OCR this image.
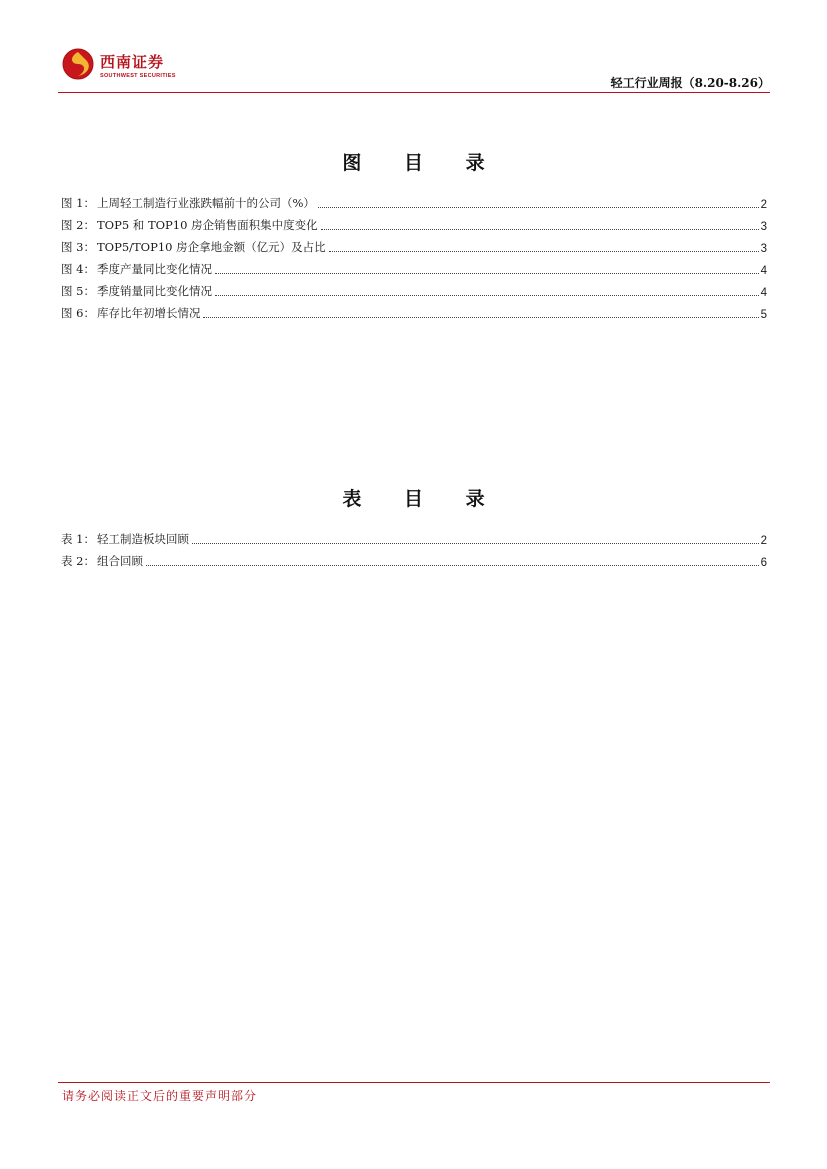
西南证券
SOUTHWEST SECURITIES	轻工行业周报（8.20-8.26）
图 目 录
图 1： 上周轻工制造行业涨跌幅前十的公司（%）	2
图 2： TOP5 和 TOP10 房企销售面积集中度变化	3
图 3： TOP5/TOP10 房企拿地金额（亿元）及占比	3
图 4： 季度产量同比变化情况	4
图 5： 季度销量同比变化情况	4
图 6： 库存比年初增长情况	5
表 目 录
表 1： 轻工制造板块回顾	2
表 2： 组合回顾	6
请务必阅读正文后的重要声明部分
